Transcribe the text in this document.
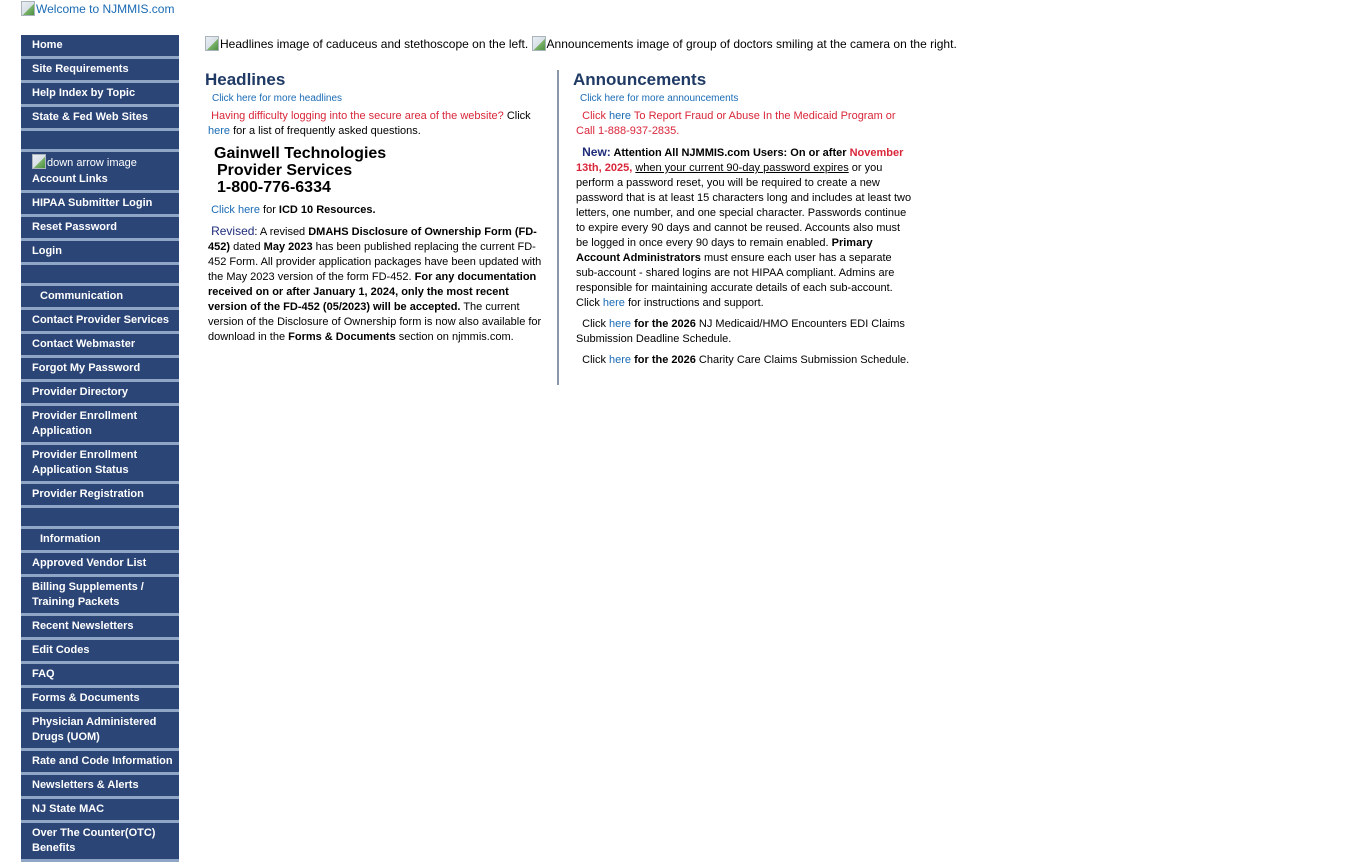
Welcome to NJMMIS.com
Home
Site Requirements
Help Index by Topic
State & Fed Web Sites
down arrow image
Account Links
HIPAA Submitter Login
Reset Password
Login
Communication
Contact Provider Services
Contact Webmaster
Forgot My Password
Provider Directory
Provider Enrollment Application
Provider Enrollment Application Status
Provider Registration
Information
Approved Vendor List
Billing Supplements / Training Packets
Recent Newsletters
Edit Codes
FAQ
Forms & Documents
Physician Administered Drugs (UOM)
Rate and Code Information
Newsletters & Alerts
NJ State MAC
Over The Counter(OTC) Benefits
Headlines image of caduceus and stethoscope on the left. Announcements image of group of doctors smiling at the camera on the right.
Headlines
Click here for more headlines

Having difficulty logging into the secure area of the website? Click here for a list of frequently asked questions.

Gainwell Technologies
Provider Services
1-800-776-6334

Click here for ICD 10 Resources.

Revised: A revised DMAHS Disclosure of Ownership Form (FD-452) dated May 2023 has been published replacing the current FD-452 Form. All provider application packages have been updated with the May 2023 version of the form FD-452. For any documentation received on or after January 1, 2024, only the most recent version of the FD-452 (05/2023) will be accepted. The current version of the Disclosure of Ownership form is now also available for download in the Forms & Documents section on njmmis.com.

Announcements
Click here for more announcements

Click here To Report Fraud or Abuse In the Medicaid Program or Call 1-888-937-2835.

New: Attention All NJMMIS.com Users: On or after November 13th, 2025, when your current 90-day password expires or you perform a password reset, you will be required to create a new password that is at least 15 characters long and includes at least two letters, one number, and one special character. Passwords continue to expire every 90 days and cannot be reused. Accounts also must be logged in once every 90 days to remain enabled. Primary Account Administrators must ensure each user has a separate sub-account - shared logins are not HIPAA compliant. Admins are responsible for maintaining accurate details of each sub-account.
Click here for instructions and support.

Click here for the 2026 NJ Medicaid/HMO Encounters EDI Claims Submission Deadline Schedule.

Click here for the 2026 Charity Care Claims Submission Schedule.
